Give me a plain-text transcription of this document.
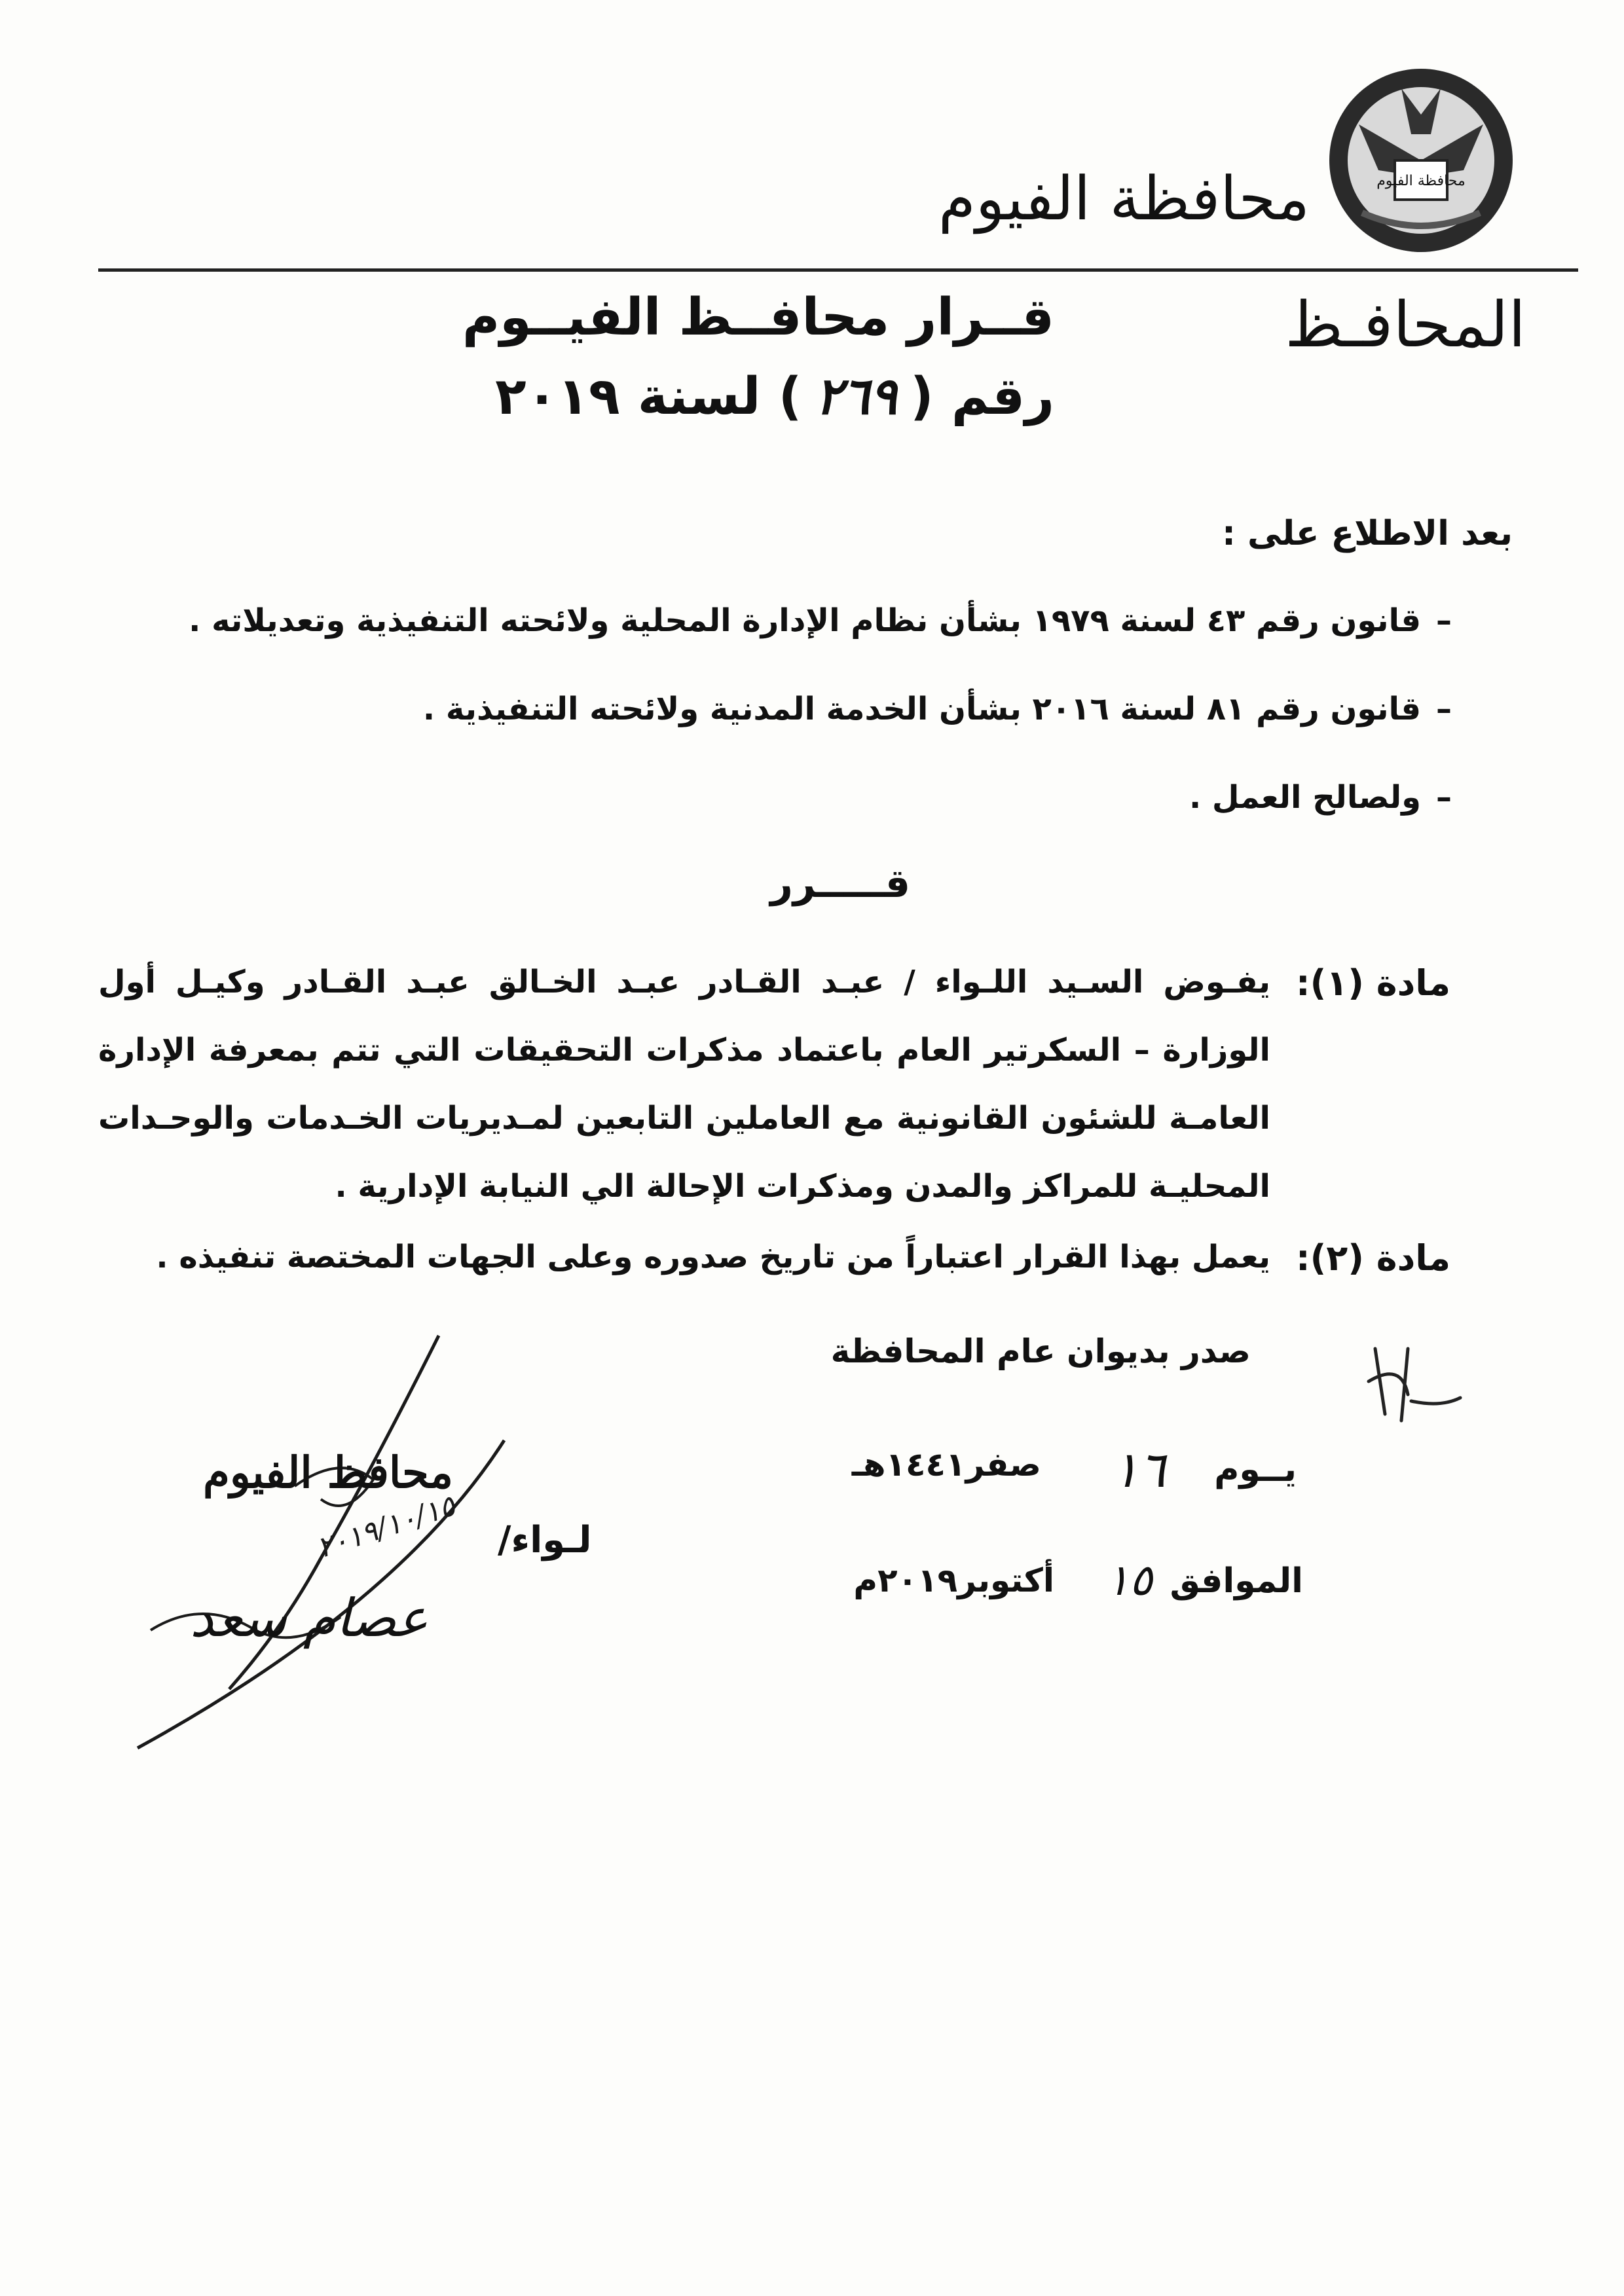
محافظة الفيوم
محافظة الفيوم
المحافـظ
قــرار محافــظ الفيــوم
رقم (٢٦٩) لسنة ٢٠١٩
بعد الاطلاع على :
–قانون رقم ٤٣ لسنة ١٩٧٩ بشأن نظام الإدارة المحلية ولائحته التنفيذية وتعديلاته .
–قانون رقم ٨١ لسنة ٢٠١٦ بشأن الخدمة المدنية ولائحته التنفيذية .
–ولصالح العمل .
قـــــرر
مادة (١):
يفـوض السـيد اللـواء / عبـد القـادر عبـد الخـالق عبـد القـادر وكيـل أول الوزارة – السكرتير العام باعتماد مذكرات التحقيقات التي تتم بمعرفة الإدارة العامـة للشئون القانونية مع العاملين التابعين لمـديريات الخـدمات والوحـدات المحليـة للمراكز والمدن ومذكرات الإحالة الي النيابة الإدارية .
مادة (٢):
يعمل بهذا القرار اعتباراً من تاريخ صدوره وعلى الجهات المختصة تنفيذه .
صدر بديوان عام المحافظة
يــوم
١٦
صفر١٤٤١هـ
الموافق
١٥
أكتوبر٢٠١٩م
٢٠١٩/١٠/١٥
محافظ الفيوم
لـواء/
عصام سعد
